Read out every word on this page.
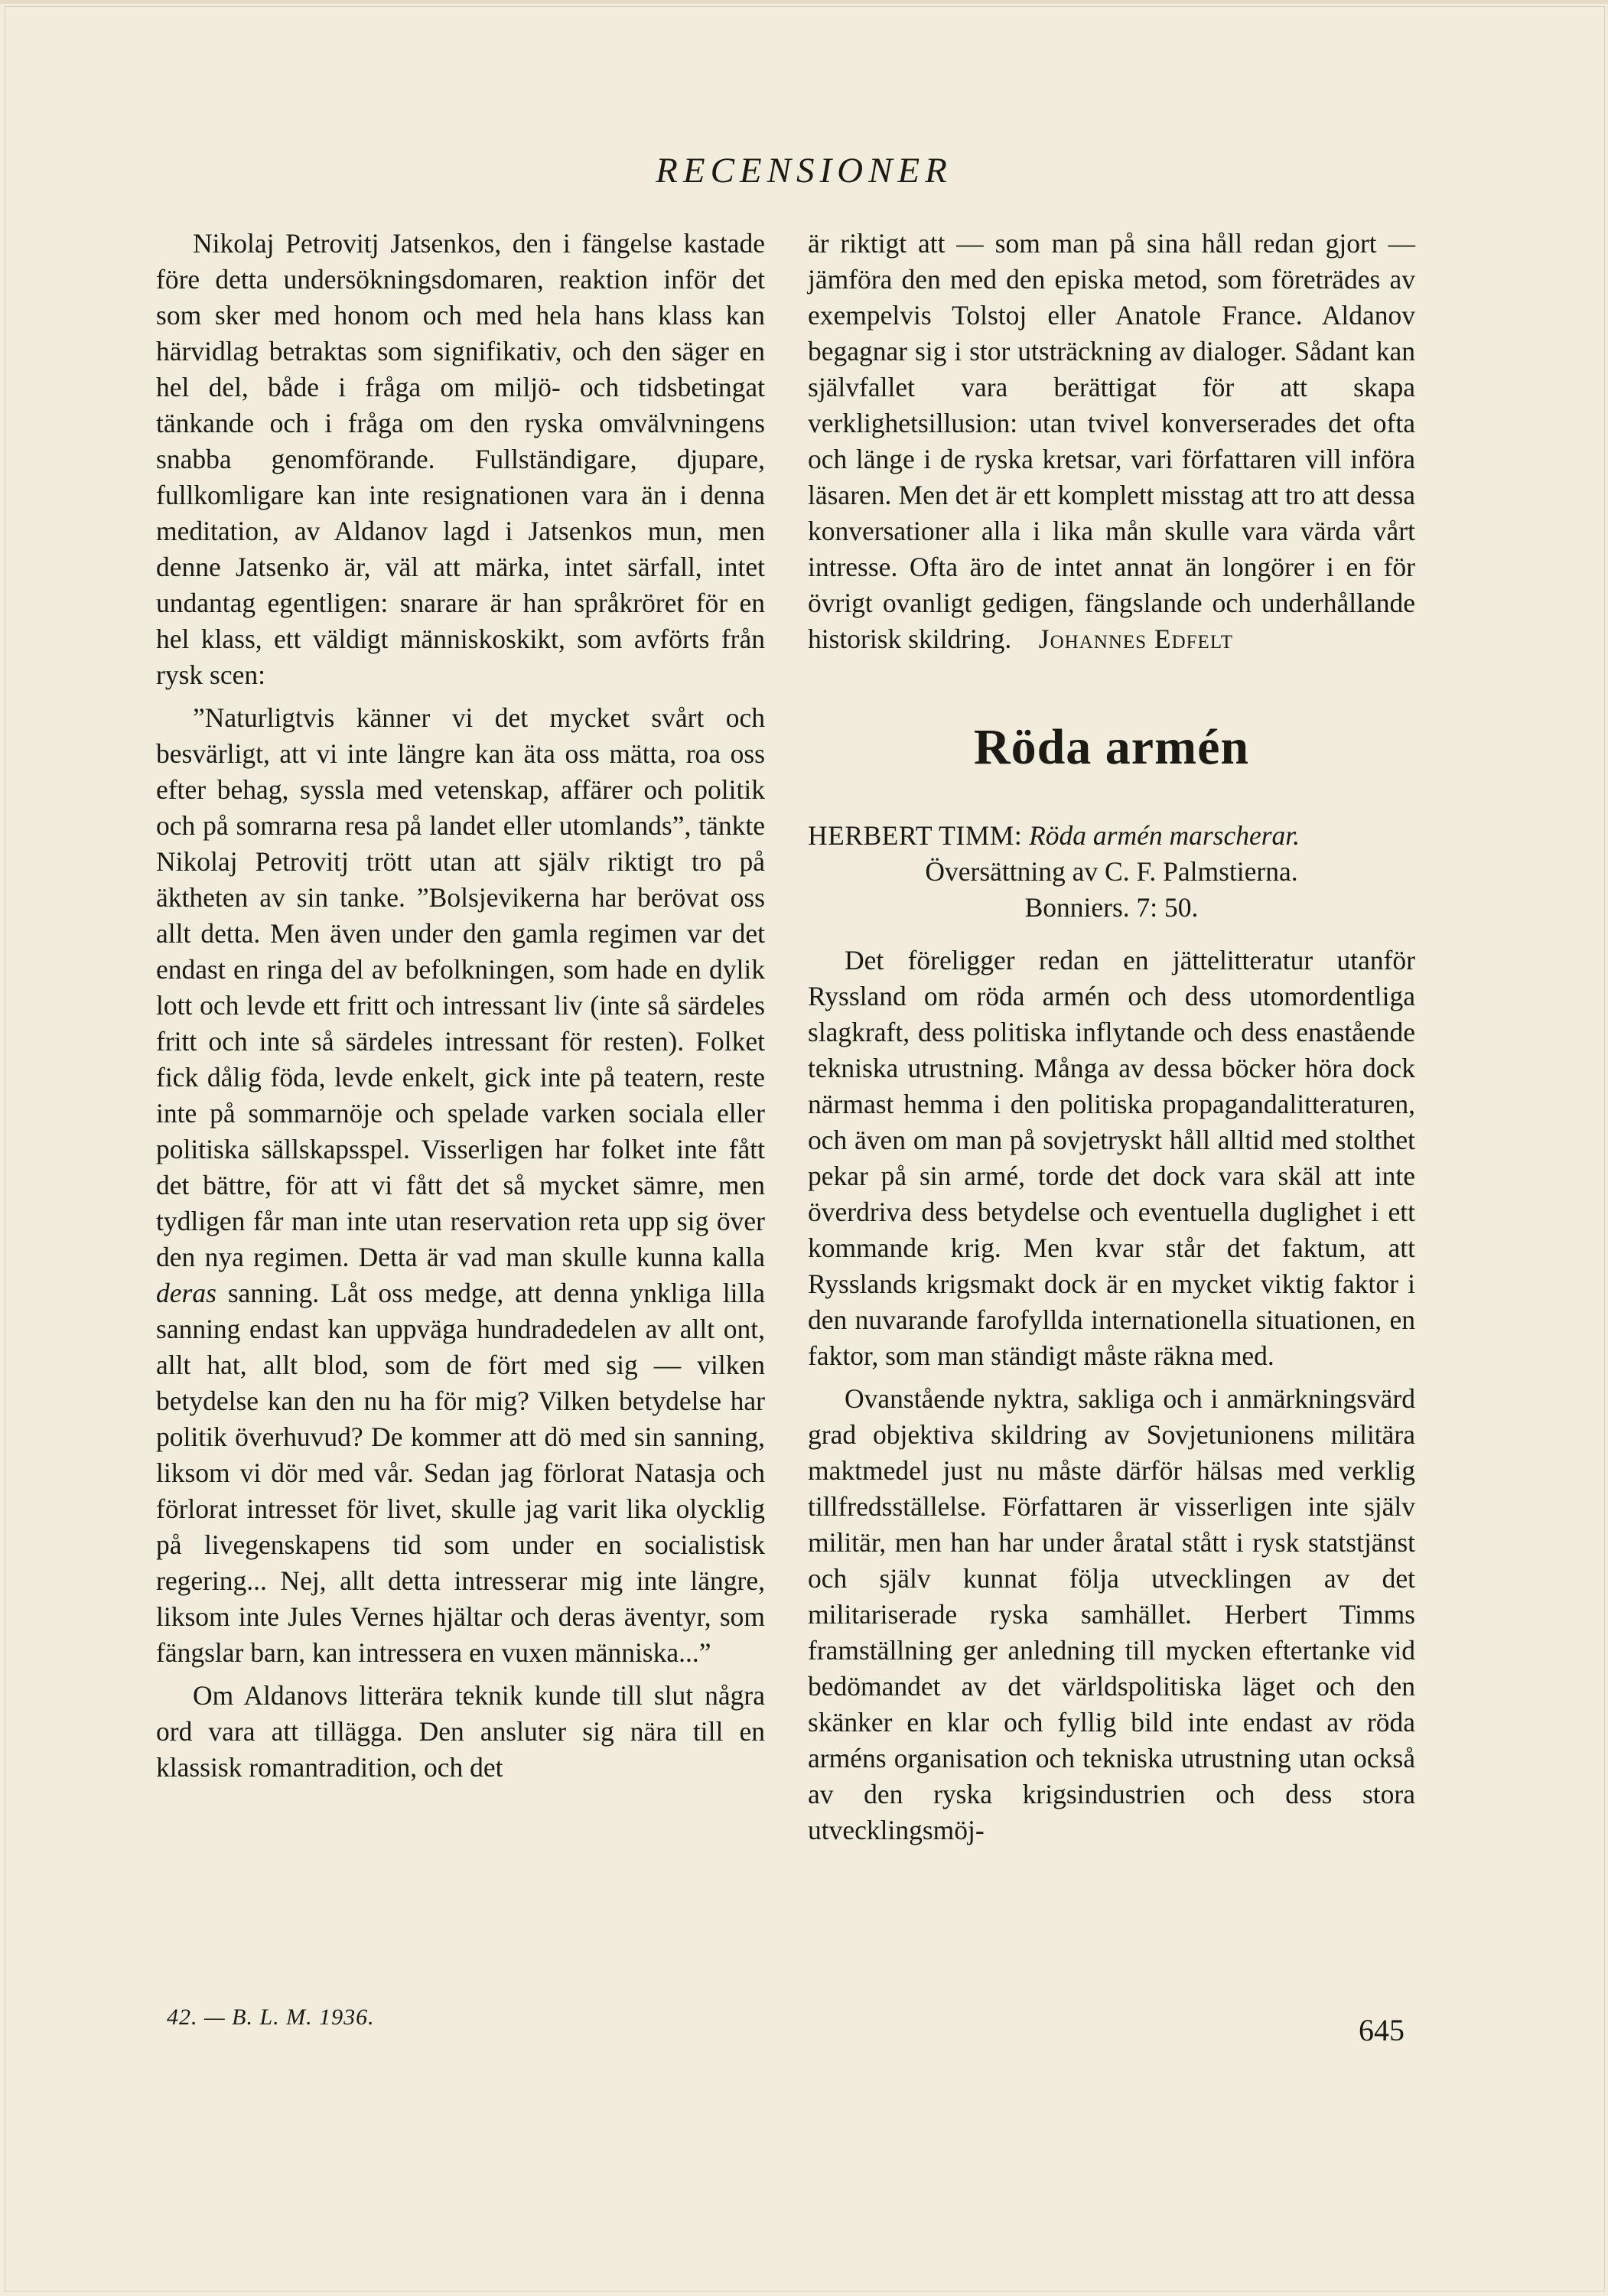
RECENSIONER

Nikolaj Petrovitj Jatsenkos, den i fängelse kastade före detta undersökningsdomaren, reaktion inför det som sker med honom och med hela hans klass kan härvidlag betraktas som signifikativ, och den säger en hel del, både i fråga om miljö- och tidsbetingat tänkande och i fråga om den ryska omvälvningens snabba genomförande. Fullständigare, djupare, fullkomligare kan inte resignationen vara än i denna meditation, av Aldanov lagd i Jatsenkos mun, men denne Jatsenko är, väl att märka, intet särfall, intet undantag egentligen: snarare är han språkröret för en hel klass, ett väldigt människoskikt, som avförts från rysk scen:

”Naturligtvis känner vi det mycket svårt och besvärligt, att vi inte längre kan äta oss mätta, roa oss efter behag, syssla med vetenskap, affärer och politik och på somrarna resa på landet eller utomlands”, tänkte Nikolaj Petrovitj trött utan att själv riktigt tro på äktheten av sin tanke. ”Bolsjevikerna har berövat oss allt detta. Men även under den gamla regimen var det endast en ringa del av befolkningen, som hade en dylik lott och levde ett fritt och intressant liv (inte så särdeles fritt och inte så särdeles intressant för resten). Folket fick dålig föda, levde enkelt, gick inte på teatern, reste inte på sommarnöje och spelade varken sociala eller politiska sällskapsspel. Visserligen har folket inte fått det bättre, för att vi fått det så mycket sämre, men tydligen får man inte utan reservation reta upp sig över den nya regimen. Detta är vad man skulle kunna kalla deras sanning. Låt oss medge, att denna ynkliga lilla sanning endast kan uppväga hundradedelen av allt ont, allt hat, allt blod, som de fört med sig — vilken betydelse kan den nu ha för mig? Vilken betydelse har politik överhuvud? De kommer att dö med sin sanning, liksom vi dör med vår. Sedan jag förlorat Natasja och förlorat intresset för livet, skulle jag varit lika olycklig på livegenskapens tid som under en socialistisk regering... Nej, allt detta intresserar mig inte längre, liksom inte Jules Vernes hjältar och deras äventyr, som fängslar barn, kan intressera en vuxen människa...”

Om Aldanovs litterära teknik kunde till slut några ord vara att tillägga. Den ansluter sig nära till en klassisk romantradition, och det

är riktigt att — som man på sina håll redan gjort — jämföra den med den episka metod, som företrädes av exempelvis Tolstoj eller Anatole France. Aldanov begagnar sig i stor utsträckning av dialoger. Sådant kan självfallet vara berättigat för att skapa verklighetsillusion: utan tvivel konverserades det ofta och länge i de ryska kretsar, vari författaren vill införa läsaren. Men det är ett komplett misstag att tro att dessa konversationer alla i lika mån skulle vara värda vårt intresse. Ofta äro de intet annat än longörer i en för övrigt ovanligt gedigen, fängslande och underhållande historisk skildring. Johannes Edfelt

Röda armén

HERBERT TIMM: Röda armén marscherar.
Översättning av C. F. Palmstierna.
Bonniers. 7: 50.

Det föreligger redan en jättelitteratur utanför Ryssland om röda armén och dess utomordentliga slagkraft, dess politiska inflytande och dess enastående tekniska utrustning. Många av dessa böcker höra dock närmast hemma i den politiska propagandalitteraturen, och även om man på sovjetryskt håll alltid med stolthet pekar på sin armé, torde det dock vara skäl att inte överdriva dess betydelse och eventuella duglighet i ett kommande krig. Men kvar står det faktum, att Rysslands krigsmakt dock är en mycket viktig faktor i den nuvarande farofyllda internationella situationen, en faktor, som man ständigt måste räkna med.

Ovanstående nyktra, sakliga och i anmärkningsvärd grad objektiva skildring av Sovjetunionens militära maktmedel just nu måste därför hälsas med verklig tillfredsställelse. Författaren är visserligen inte själv militär, men han har under åratal stått i rysk statstjänst och själv kunnat följa utvecklingen av det militariserade ryska samhället. Herbert Timms framställning ger anledning till mycken eftertanke vid bedömandet av det världspolitiska läget och den skänker en klar och fyllig bild inte endast av röda arméns organisation och tekniska utrustning utan också av den ryska krigsindustrien och dess stora utvecklingsmöj-

42. — B. L. M. 1936.	645
